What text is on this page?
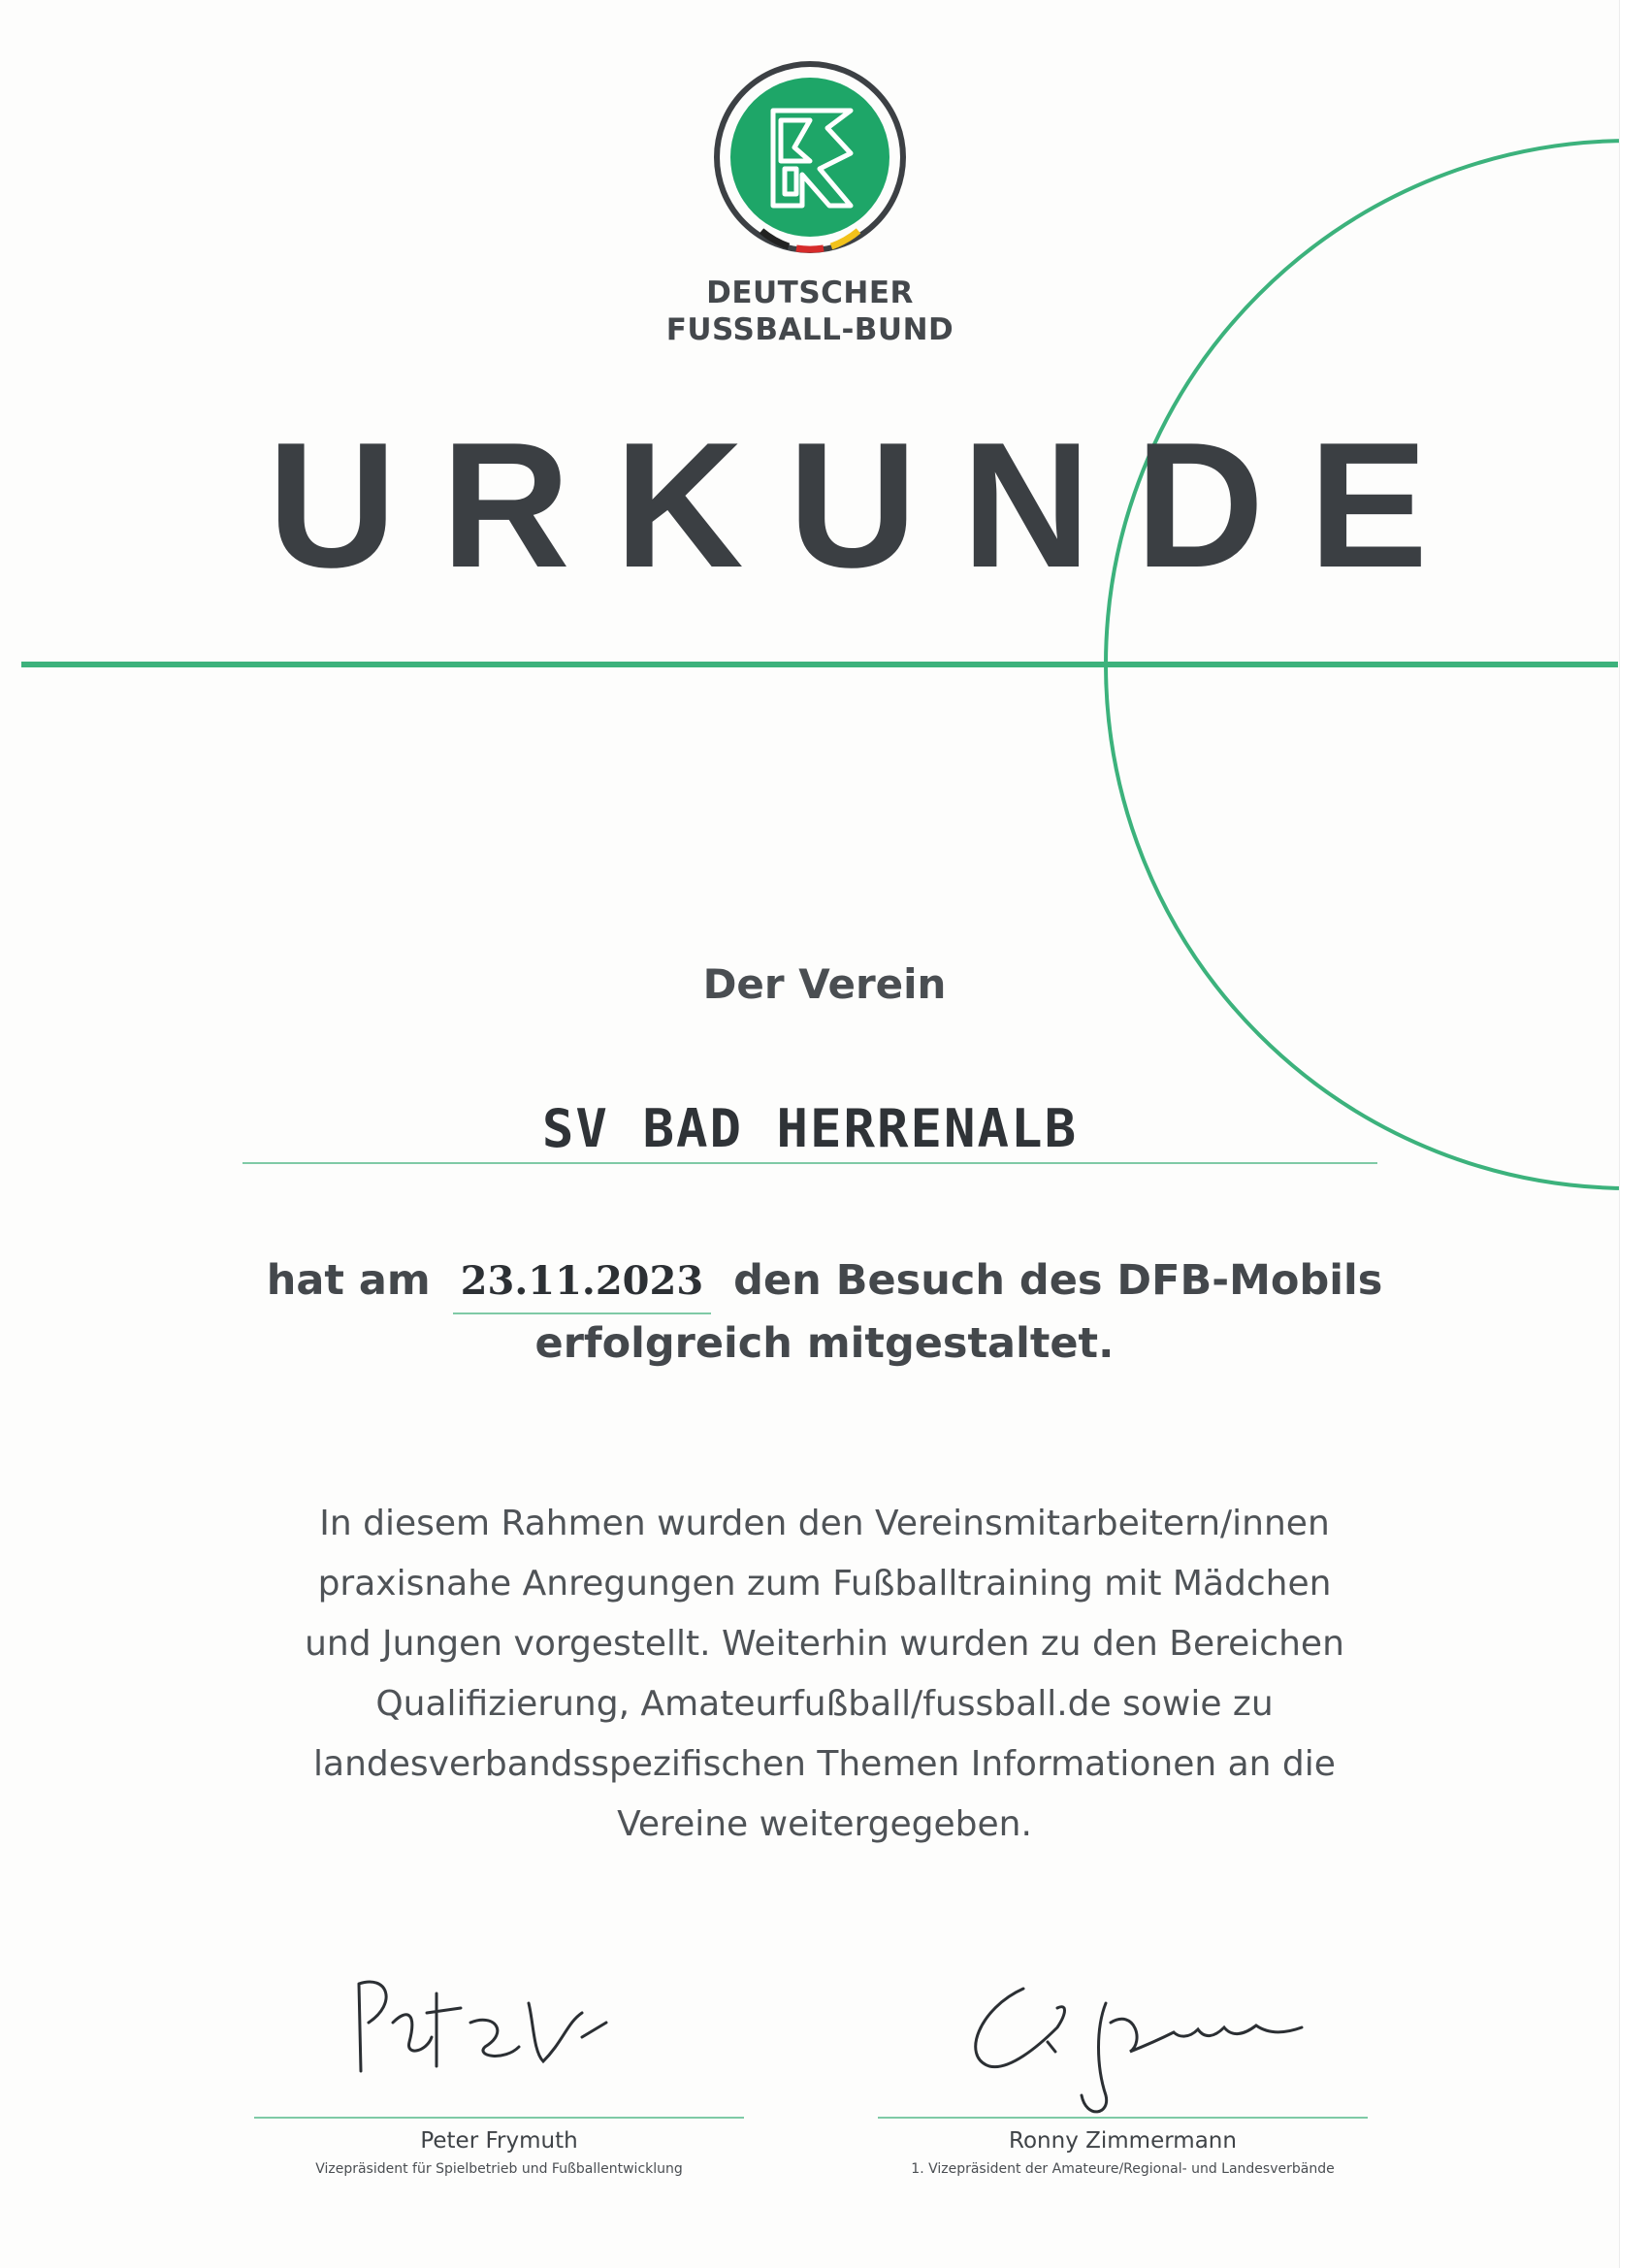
DEUTSCHER
FUSSBALL-BUND
URKUNDE
Der Verein
SV BAD HERRENALB
hat am 23.11.2023 den Besuch des DFB-Mobils
erfolgreich mitgestaltet.
In diesem Rahmen wurden den Vereinsmitarbeitern/innen
praxisnahe Anregungen zum Fußballtraining mit Mädchen
und Jungen vorgestellt. Weiterhin wurden zu den Bereichen
Qualifizierung, Amateurfußball/fussball.de sowie zu
landesverbandsspezifischen Themen Informationen an die
Vereine weitergegeben.
Peter Frymuth
Vizepräsident für Spielbetrieb und Fußballentwicklung
Ronny Zimmermann
1. Vizepräsident der Amateure/Regional- und Landesverbände
